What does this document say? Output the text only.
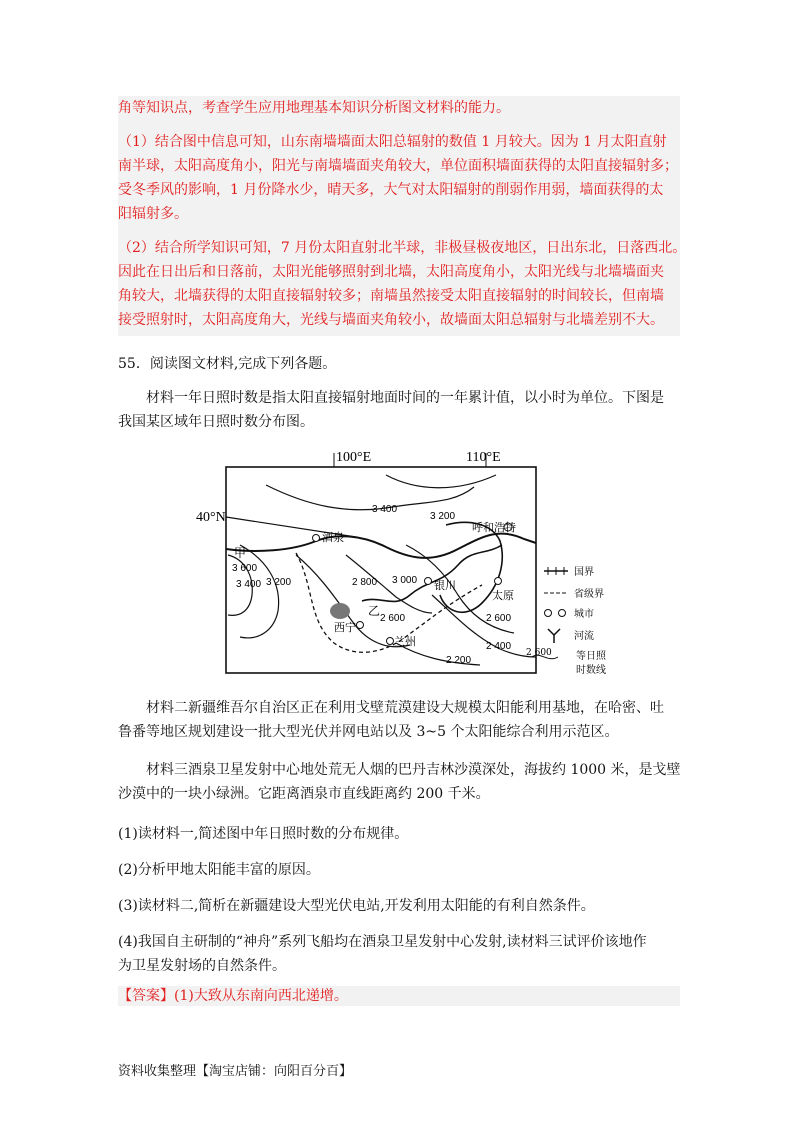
角等知识点，考查学生应用地理基本知识分析图文材料的能力。
（1）结合图中信息可知，山东南墙墙面太阳总辐射的数值 1 月较大。因为 1 月太阳直射
南半球，太阳高度角小，阳光与南墙墙面夹角较大，单位面积墙面获得的太阳直接辐射多；
受冬季风的影响，1 月份降水少，晴天多，大气对太阳辐射的削弱作用弱，墙面获得的太
阳辐射多。
（2）结合所学知识可知，7 月份太阳直射北半球，非极昼极夜地区，日出东北，日落西北。
因此在日出后和日落前，太阳光能够照射到北墙，太阳高度角小，太阳光线与北墙墙面夹
角较大，北墙获得的太阳直接辐射较多；南墙虽然接受太阳直接辐射的时间较长，但南墙
接受照射时，太阳高度角大，光线与墙面夹角较小，故墙面太阳总辐射与北墙差别不大。
55．阅读图文材料,完成下列各题。
材料一年日照时数是指太阳直接辐射地面时间的一年累计值，以小时为单位。下图是
我国某区域年日照时数分布图。
100°E	110°E
40°N
3 400
3 200
3 600
3 400 3 200	2 800 3 000
2 600	2 600
2 400
2 200
酒泉
呼和浩特
银川
太原
西宁
兰州
甲
乙
国界
省级界
城市
河流
2 600 等日照
时数线
材料二新疆维吾尔自治区正在利用戈壁荒漠建设大规模太阳能利用基地，在哈密、吐
鲁番等地区规划建设一批大型光伏并网电站以及 3~5 个太阳能综合利用示范区。
材料三酒泉卫星发射中心地处荒无人烟的巴丹吉林沙漠深处，海拔约 1000 米，是戈壁
沙漠中的一块小绿洲。它距离酒泉市直线距离约 200 千米。
(1)读材料一,简述图中年日照时数的分布规律。
(2)分析甲地太阳能丰富的原因。
(3)读材料二,简析在新疆建设大型光伏电站,开发利用太阳能的有利自然条件。
(4)我国自主研制的“神舟”系列飞船均在酒泉卫星发射中心发射,读材料三试评价该地作
为卫星发射场的自然条件。
【答案】(1)大致从东南向西北递增。
资料收集整理【淘宝店铺：向阳百分百】
